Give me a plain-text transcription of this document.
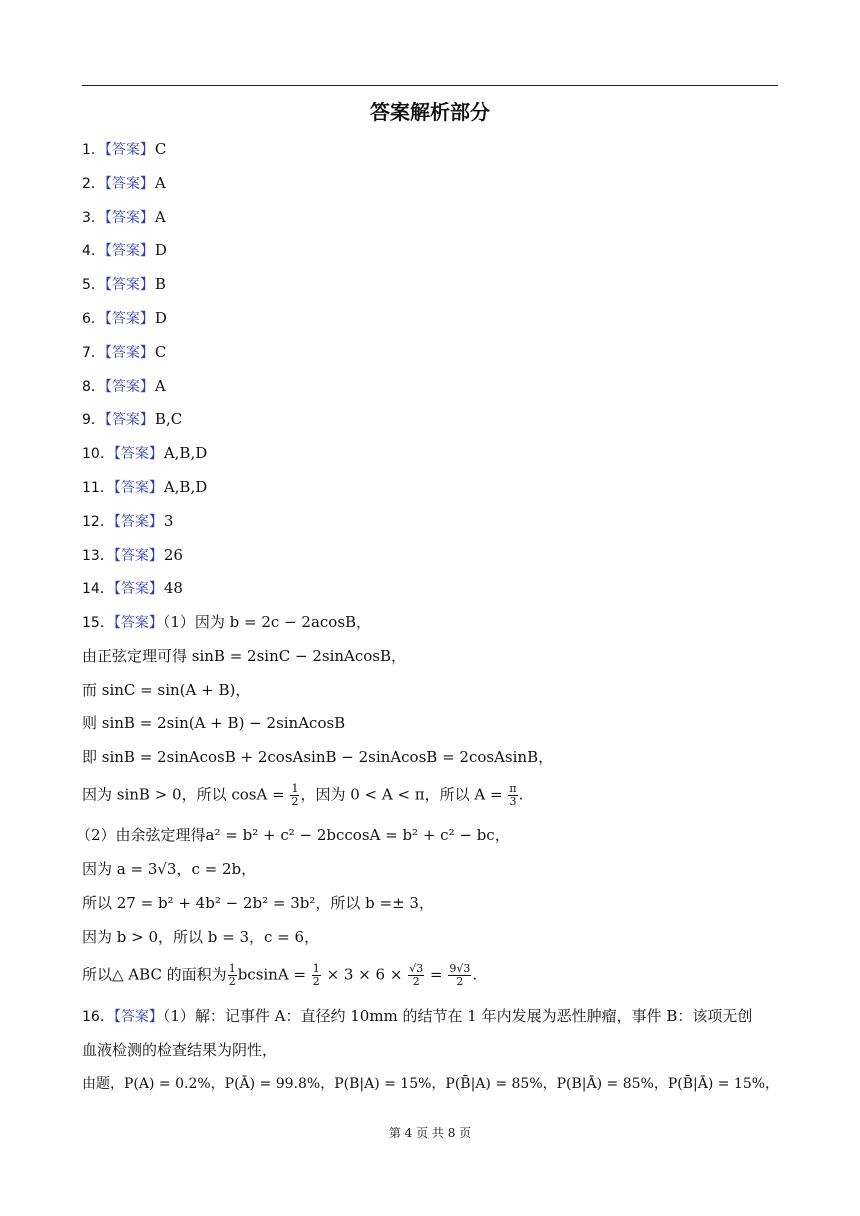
答案解析部分
1．【答案】C
2．【答案】A
3．【答案】A
4．【答案】D
5．【答案】B
6．【答案】D
7．【答案】C
8．【答案】A
9．【答案】B,C
10．【答案】A,B,D
11．【答案】A,B,D
12．【答案】3
13．【答案】26
14．【答案】48
15．【答案】（1）因为 b = 2c − 2acosB，
由正弦定理可得 sinB = 2sinC − 2sinAcosB，
而 sinC = sin(A + B)，
则 sinB = 2sin(A + B) − 2sinAcosB
即 sinB = 2sinAcosB + 2cosAsinB − 2sinAcosB = 2cosAsinB，
因为 sinB > 0，所以 $\cos A = \frac{1}{2}$ ，因为 0 < A < π，所以 $A = \frac{\pi}{3}$ .
（2）由余弦定理得a² = b² + c² − 2bccosA = b² + c² − bc，
因为 a = 3√3，c = 2b，
所以 27 = b² + 4b² − 2b² = 3b²，所以 b =± 3，
因为 b > 0，所以 b = 3，c = 6，
所以△ ABC 的面积为 $\frac{1}{2}$ $bcsinA = \frac{1}{2} \times 3 \times 6 \times \frac{√3}{2} = \frac{9√3}{2}$ .
16．【答案】（1）解：记事件 A：直径约 10mm 的结节在 1 年内发展为恶性肿瘤，事件 B：该项无创
血液检测的检查结果为阴性，
由题，P(A) = 0.2%，P(Ā) = 99.8%，P(B|A) = 15%，P(B̄|A) = 85%，P(B|Ā) = 85%，P(B̄|Ā) = 15%，
第 4 页 共 8 页
